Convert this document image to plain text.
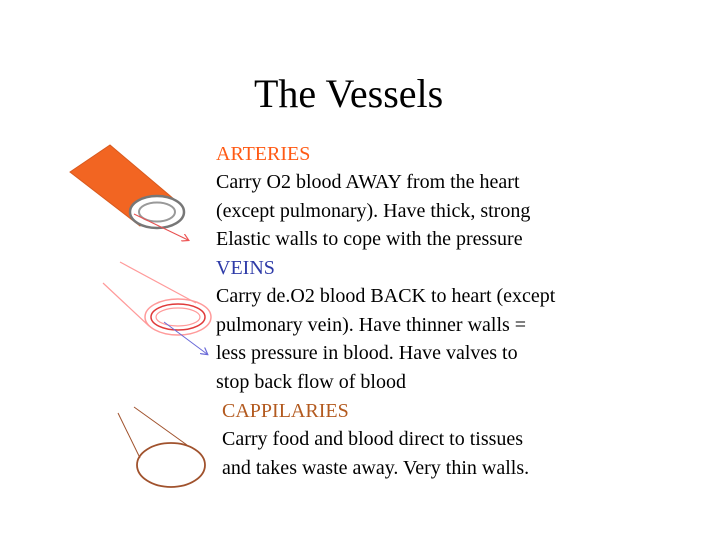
The Vessels
ARTERIES
Carry O2 blood AWAY from the heart
(except pulmonary). Have thick, strong
Elastic walls to cope with the pressure
VEINS
Carry de.O2 blood BACK to heart (except
pulmonary vein). Have thinner walls =
less pressure in blood. Have valves to
stop back flow of blood
CAPPILARIES
Carry food and blood direct to tissues
and takes waste away. Very thin walls.
